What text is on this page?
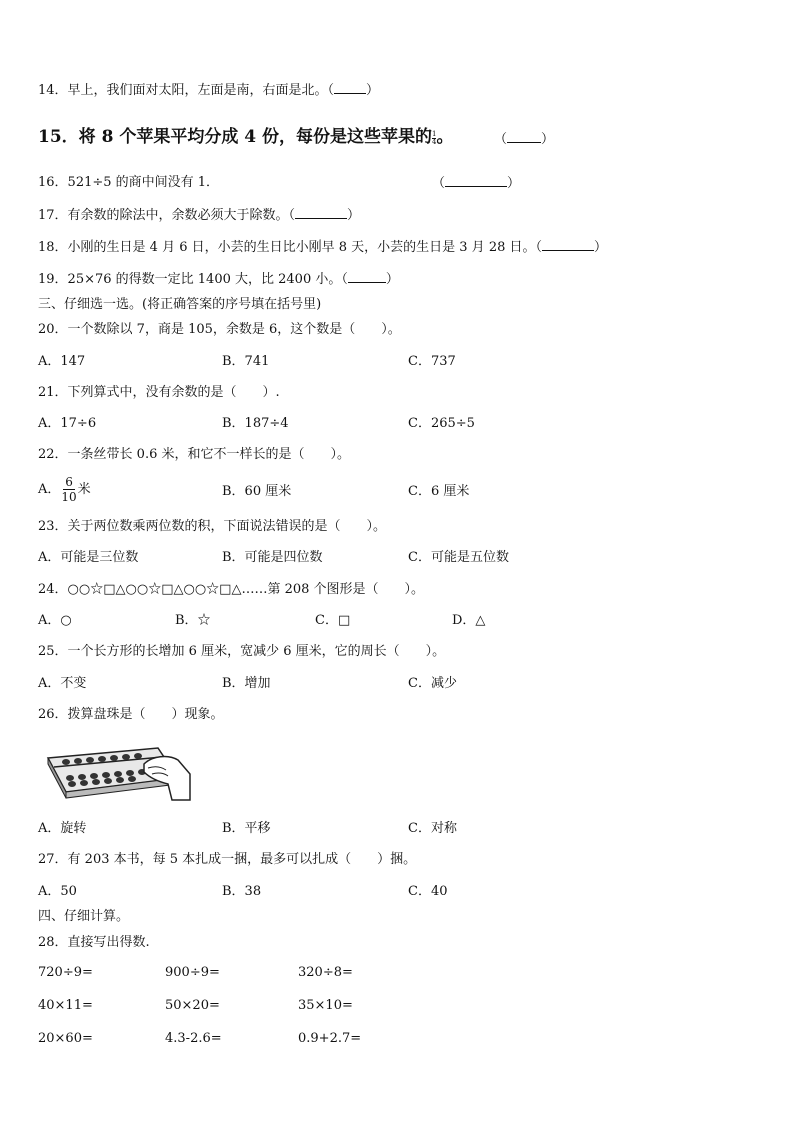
14．早上，我们面对太阳，左面是南，右面是北。（ ）
15．将 8 个苹果平均分成 4 份，每份是这些苹果的 $\frac{1}{4}$ 。	（	）
16．521÷5 的商中间没有 1．	（	）
17．有余数的除法中，余数必须大于除数。（	）
18．小刚的生日是 4 月 6 日，小芸的生日比小刚早 8 天，小芸的生日是 3 月 28 日。（	）
19．25×76 的得数一定比 1400 大，比 2400 小。（	）
三、仔细选一选。(将正确答案的序号填在括号里)
20．一个数除以 7，商是 105，余数是 6，这个数是（　　）。
A．147	B．741	C．737
21．下列算式中，没有余数的是（　　）.
A．17÷6	B．187÷4	C．265÷5
22．一条丝带长 0.6 米，和它不一样长的是（　　）。
A． $\frac{6}{10}$ 米	B．60 厘米	C．6 厘米
23．关于两位数乘两位数的积，下面说法错误的是（　　）。
A．可能是三位数	B．可能是四位数	C．可能是五位数
24．○○☆□△○○☆□△○○☆□△……第 208 个图形是（　　）。
A．○	B．☆	C．□	D．△
25．一个长方形的长增加 6 厘米，宽减少 6 厘米，它的周长（　　）。
A．不变	B．增加	C．减少
26．拨算盘珠是（　　）现象。
A．旋转	B．平移	C．对称
27．有 203 本书，每 5 本扎成一捆，最多可以扎成（　　）捆。
A．50	B．38	C．40
四、仔细计算。
28．直接写出得数.
720÷9=	900÷9=	320÷8=
40×11=	50×20=	35×10=
20×60=	4.3-2.6=	0.9+2.7=
